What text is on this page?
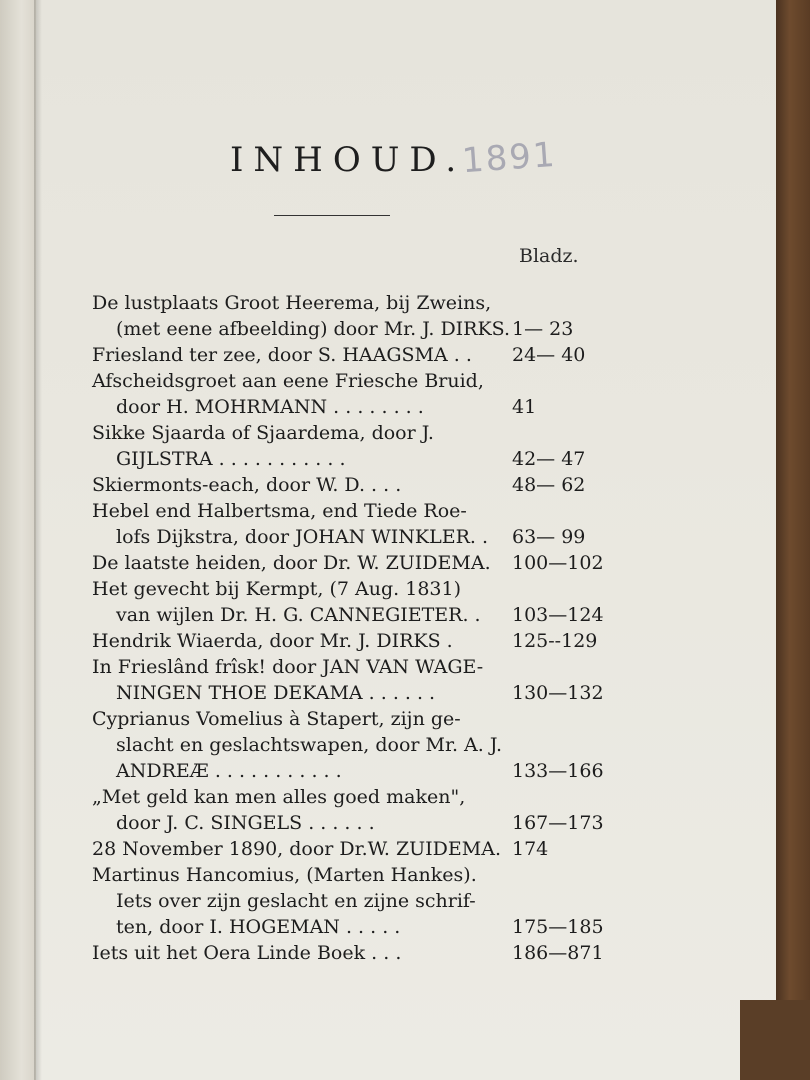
INHOUD.
1891
Bladz.
De lustplaats Groot Heerema, bij Zweins,
(met eene afbeelding) door Mr. J. DIRKS. 1— 23
Friesland ter zee, door S. HAAGSMA . . 24— 40
Afscheidsgroet aan eene Friesche Bruid,
door H. MOHRMANN . . . . . . . .	41
Sikke Sjaarda of Sjaardema, door J.
GIJLSTRA . . . . . . . . . . .	42— 47
Skiermonts-each, door W. D. . . .	48— 62
Hebel end Halbertsma, end Tiede Roe-
lofs Dijkstra, door JOHAN WINKLER. . 63— 99
De laatste heiden, door Dr. W. ZUIDEMA. 100—102
Het gevecht bij Kermpt, (7 Aug. 1831)
van wijlen Dr. H. G. CANNEGIETER. . 103—124
Hendrik Wiaerda, door Mr. J. DIRKS .	125--129
In Frieslând frîsk! door JAN VAN WAGE-
NINGEN THOE DEKAMA . . . . . .	130—132
Cyprianus Vomelius à Stapert, zijn ge-
slacht en geslachtswapen, door Mr. A. J.
ANDREÆ . . . . . . . . . . .	133—166
„Met geld kan men alles goed maken",
door J. C. SINGELS . . . . . .	167—173
28 November 1890, door Dr.W. ZUIDEMA. 174
Martinus Hancomius, (Marten Hankes).
Iets over zijn geslacht en zijne schrif-
ten, door I. HOGEMAN . . . . .	175—185
Iets uit het Oera Linde Boek . . .	186—871
